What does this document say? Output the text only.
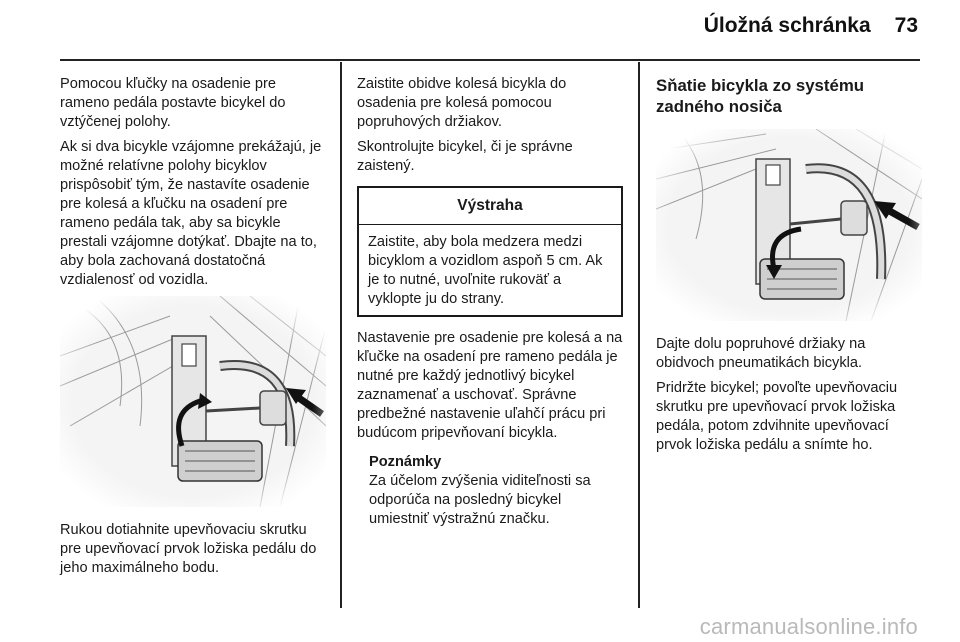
Úložná schránka 73

Pomocou kľučky na osadenie pre rameno pedála postavte bicykel do vztýčenej polohy.

Ak si dva bicykle vzájomne prekážajú, je možné relatívne polohy bicyklov prispôsobiť tým, že nastavíte osadenie pre kolesá a kľučku na osadení pre rameno pedála tak, aby sa bicykle prestali vzájomne dotýkať. Dbajte na to, aby bola zachovaná dostatočná vzdialenosť od vozidla.

Rukou dotiahnite upevňovaciu skrutku pre upevňovací prvok ložiska pedálu do jeho maximálneho bodu.

Zaistite obidve kolesá bicykla do osadenia pre kolesá pomocou popruhových držiakov.

Skontrolujte bicykel, či je správne zaistený.

Výstraha
Zaistite, aby bola medzera medzi bicyklom a vozidlom aspoň 5 cm. Ak je to nutné, uvoľnite rukoväť a vyklopte ju do strany.

Nastavenie pre osadenie pre kolesá a na kľučke na osadení pre rameno pedála je nutné pre každý jednotlivý bicykel zaznamenať a uschovať. Správne predbežné nastavenie uľahčí prácu pri budúcom pripevňovaní bicykla.

Poznámky
Za účelom zvýšenia viditeľnosti sa odporúča na posledný bicykel umiestniť výstražnú značku.
Sňatie bicykla zo systému zadného nosiča

Dajte dolu popruhové držiaky na obidvoch pneumatikách bicykla.

Pridržte bicykel; povoľte upevňovaciu skrutku pre upevňovací prvok ložiska pedála, potom zdvihnite upevňovací prvok ložiska pedálu a snímte ho.

carmanualsonline.info
